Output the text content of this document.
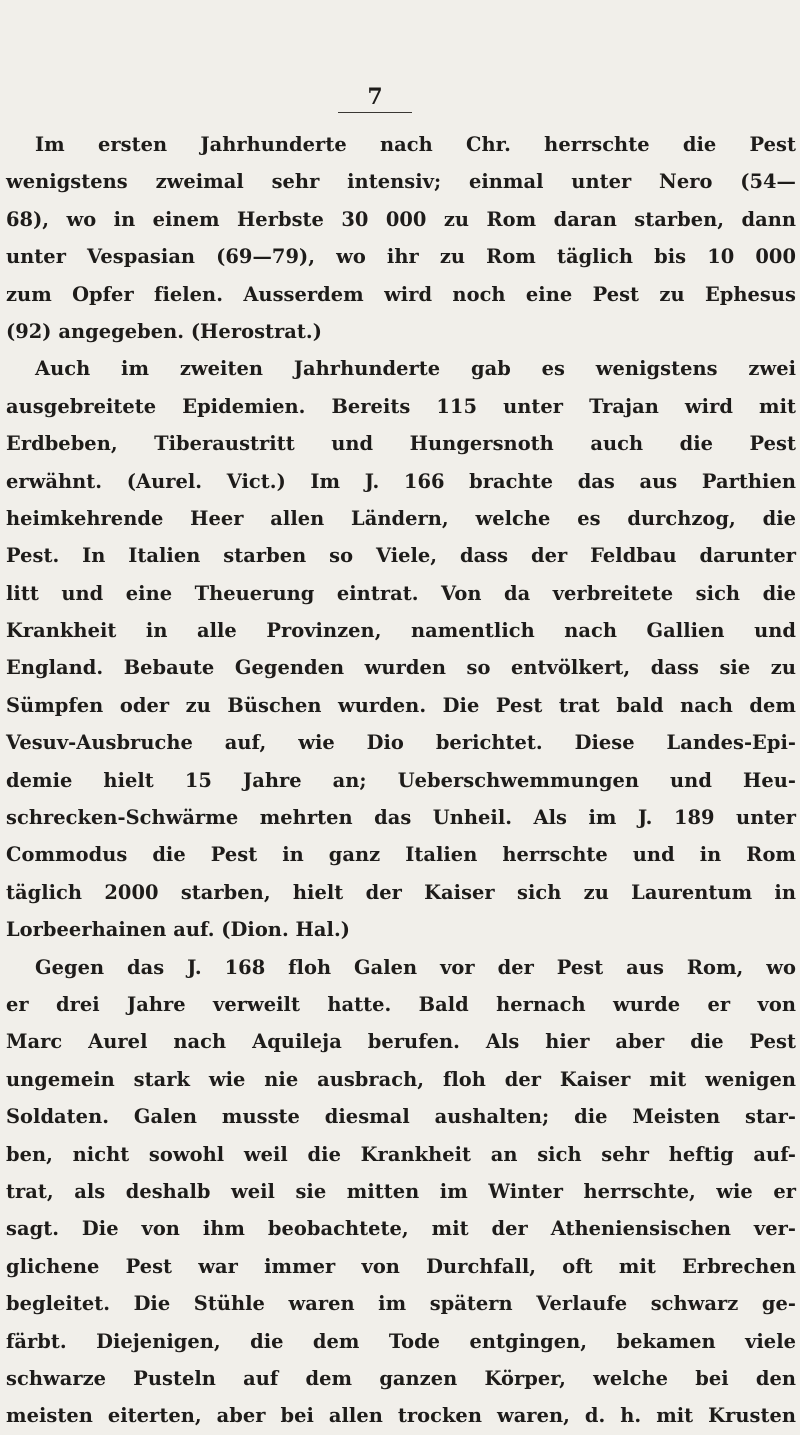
7
Im ersten Jahrhunderte nach Chr. herrschte die Pest
wenigstens zweimal sehr intensiv; einmal unter Nero (54—
68), wo in einem Herbste 30 000 zu Rom daran starben, dann
unter Vespasian (69—79), wo ihr zu Rom täglich bis 10 000
zum Opfer fielen. Ausserdem wird noch eine Pest zu Ephesus
(92) angegeben. (Herostrat.)
Auch im zweiten Jahrhunderte gab es wenigstens zwei
ausgebreitete Epidemien. Bereits 115 unter Trajan wird mit
Erdbeben, Tiberaustritt und Hungersnoth auch die Pest
erwähnt. (Aurel. Vict.) Im J. 166 brachte das aus Parthien
heimkehrende Heer allen Ländern, welche es durchzog, die
Pest. In Italien starben so Viele, dass der Feldbau darunter
litt und eine Theuerung eintrat. Von da verbreitete sich die
Krankheit in alle Provinzen, namentlich nach Gallien und
England. Bebaute Gegenden wurden so entvölkert, dass sie zu
Sümpfen oder zu Büschen wurden. Die Pest trat bald nach dem
Vesuv-Ausbruche auf, wie Dio berichtet. Diese Landes-Epi-
demie hielt 15 Jahre an; Ueberschwemmungen und Heu-
schrecken-Schwärme mehrten das Unheil. Als im J. 189 unter
Commodus die Pest in ganz Italien herrschte und in Rom
täglich 2000 starben, hielt der Kaiser sich zu Laurentum in
Lorbeerhainen auf. (Dion. Hal.)
Gegen das J. 168 floh Galen vor der Pest aus Rom, wo
er drei Jahre verweilt hatte. Bald hernach wurde er von
Marc Aurel nach Aquileja berufen. Als hier aber die Pest
ungemein stark wie nie ausbrach, floh der Kaiser mit wenigen
Soldaten. Galen musste diesmal aushalten; die Meisten star-
ben, nicht sowohl weil die Krankheit an sich sehr heftig auf-
trat, als deshalb weil sie mitten im Winter herrschte, wie er
sagt. Die von ihm beobachtete, mit der Atheniensischen ver-
glichene Pest war immer von Durchfall, oft mit Erbrechen
begleitet. Die Stühle waren im spätern Verlaufe schwarz ge-
färbt. Diejenigen, die dem Tode entgingen, bekamen viele
schwarze Pusteln auf dem ganzen Körper, welche bei den
meisten eiterten, aber bei allen trocken waren, d. h. mit Krusten
